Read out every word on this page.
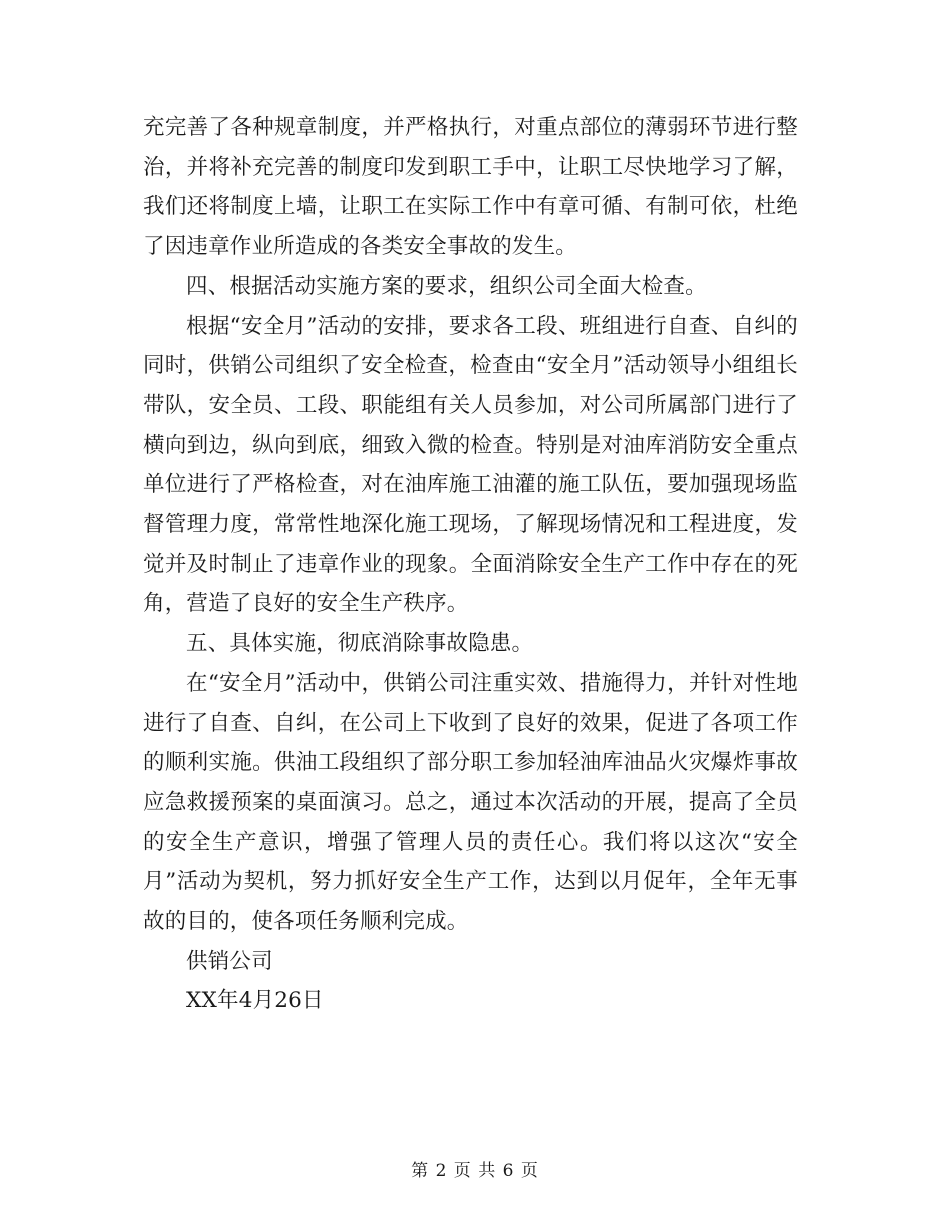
充完善了各种规章制度，并严格执行，对重点部位的薄弱环节进行整治，并将补充完善的制度印发到职工手中，让职工尽快地学习了解，我们还将制度上墙，让职工在实际工作中有章可循、有制可依，杜绝了因违章作业所造成的各类安全事故的发生。

四、根据活动实施方案的要求，组织公司全面大检查。

根据“安全月”活动的安排，要求各工段、班组进行自查、自纠的同时，供销公司组织了安全检查，检查由“安全月”活动领导小组组长带队，安全员、工段、职能组有关人员参加，对公司所属部门进行了横向到边，纵向到底，细致入微的检查。特别是对油库消防安全重点单位进行了严格检查，对在油库施工油灌的施工队伍，要加强现场监督管理力度，常常性地深化施工现场，了解现场情况和工程进度，发觉并及时制止了违章作业的现象。全面消除安全生产工作中存在的死角，营造了良好的安全生产秩序。

五、具体实施，彻底消除事故隐患。

在“安全月”活动中，供销公司注重实效、措施得力，并针对性地进行了自查、自纠，在公司上下收到了良好的效果，促进了各项工作的顺利实施。供油工段组织了部分职工参加轻油库油品火灾爆炸事故应急救援预案的桌面演习。总之，通过本次活动的开展，提高了全员的安全生产意识，增强了管理人员的责任心。我们将以这次“安全月”活动为契机，努力抓好安全生产工作，达到以月促年，全年无事故的目的，使各项任务顺利完成。

供销公司

XX年4月26日

第 2 页 共 6 页
